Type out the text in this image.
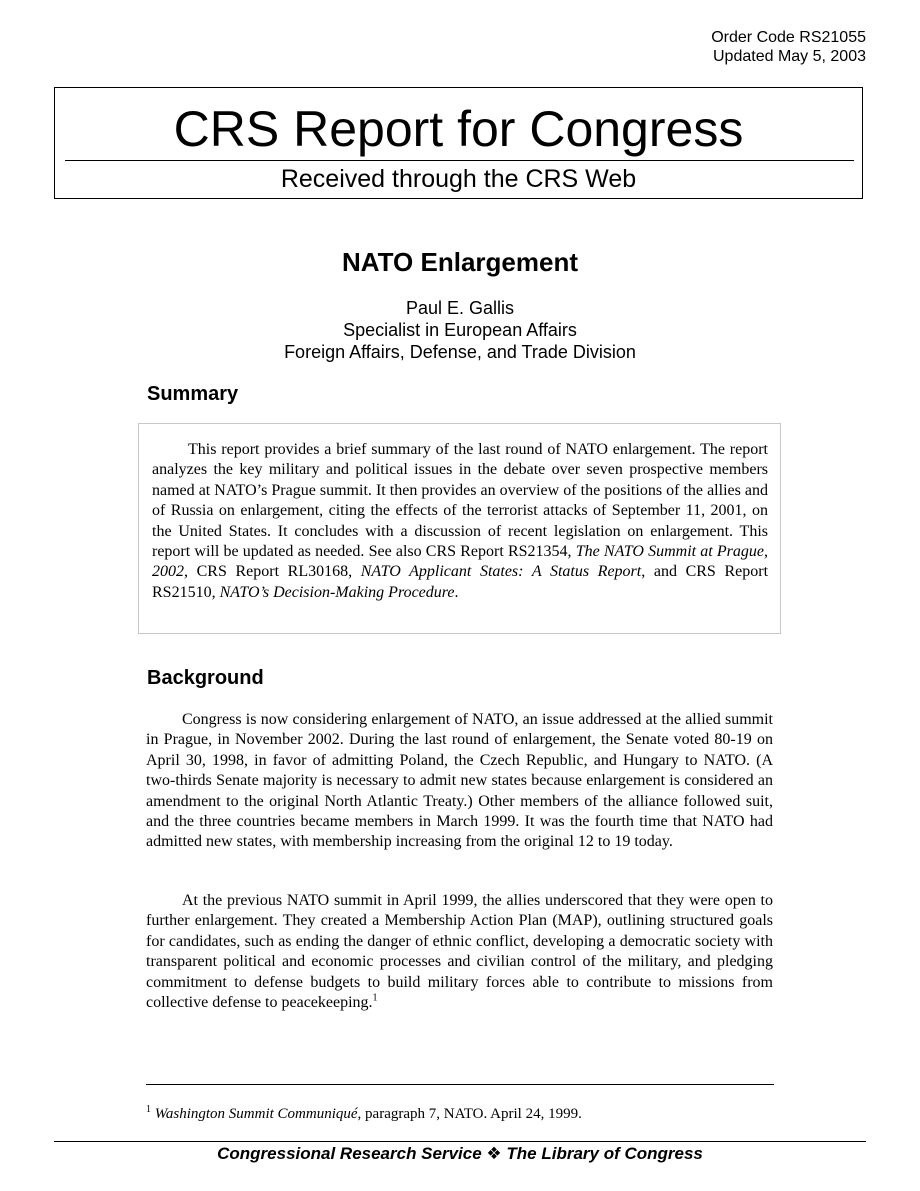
Order Code RS21055
Updated May 5, 2003
CRS Report for Congress
Received through the CRS Web
NATO Enlargement
Paul E. Gallis
Specialist in European Affairs
Foreign Affairs, Defense, and Trade Division
Summary

This report provides a brief summary of the last round of NATO enlargement. The report analyzes the key military and political issues in the debate over seven prospective members named at NATO’s Prague summit. It then provides an overview of the positions of the allies and of Russia on enlargement, citing the effects of the terrorist attacks of September 11, 2001, on the United States. It concludes with a discussion of recent legislation on enlargement. This report will be updated as needed. See also CRS Report RS21354, The NATO Summit at Prague, 2002, CRS Report RL30168, NATO Applicant States: A Status Report, and CRS Report RS21510, NATO’s Decision-Making Procedure.

Background

Congress is now considering enlargement of NATO, an issue addressed at the allied summit in Prague, in November 2002. During the last round of enlargement, the Senate voted 80-19 on April 30, 1998, in favor of admitting Poland, the Czech Republic, and Hungary to NATO. (A two-thirds Senate majority is necessary to admit new states because enlargement is considered an amendment to the original North Atlantic Treaty.) Other members of the alliance followed suit, and the three countries became members in March 1999. It was the fourth time that NATO had admitted new states, with membership increasing from the original 12 to 19 today.

At the previous NATO summit in April 1999, the allies underscored that they were open to further enlargement. They created a Membership Action Plan (MAP), outlining structured goals for candidates, such as ending the danger of ethnic conflict, developing a democratic society with transparent political and economic processes and civilian control of the military, and pledging commitment to defense budgets to build military forces able to contribute to missions from collective defense to peacekeeping.$^1$

$^1$ Washington Summit Communiqué, paragraph 7, NATO. April 24, 1999.
Congressional Research Service ❖ The Library of Congress
